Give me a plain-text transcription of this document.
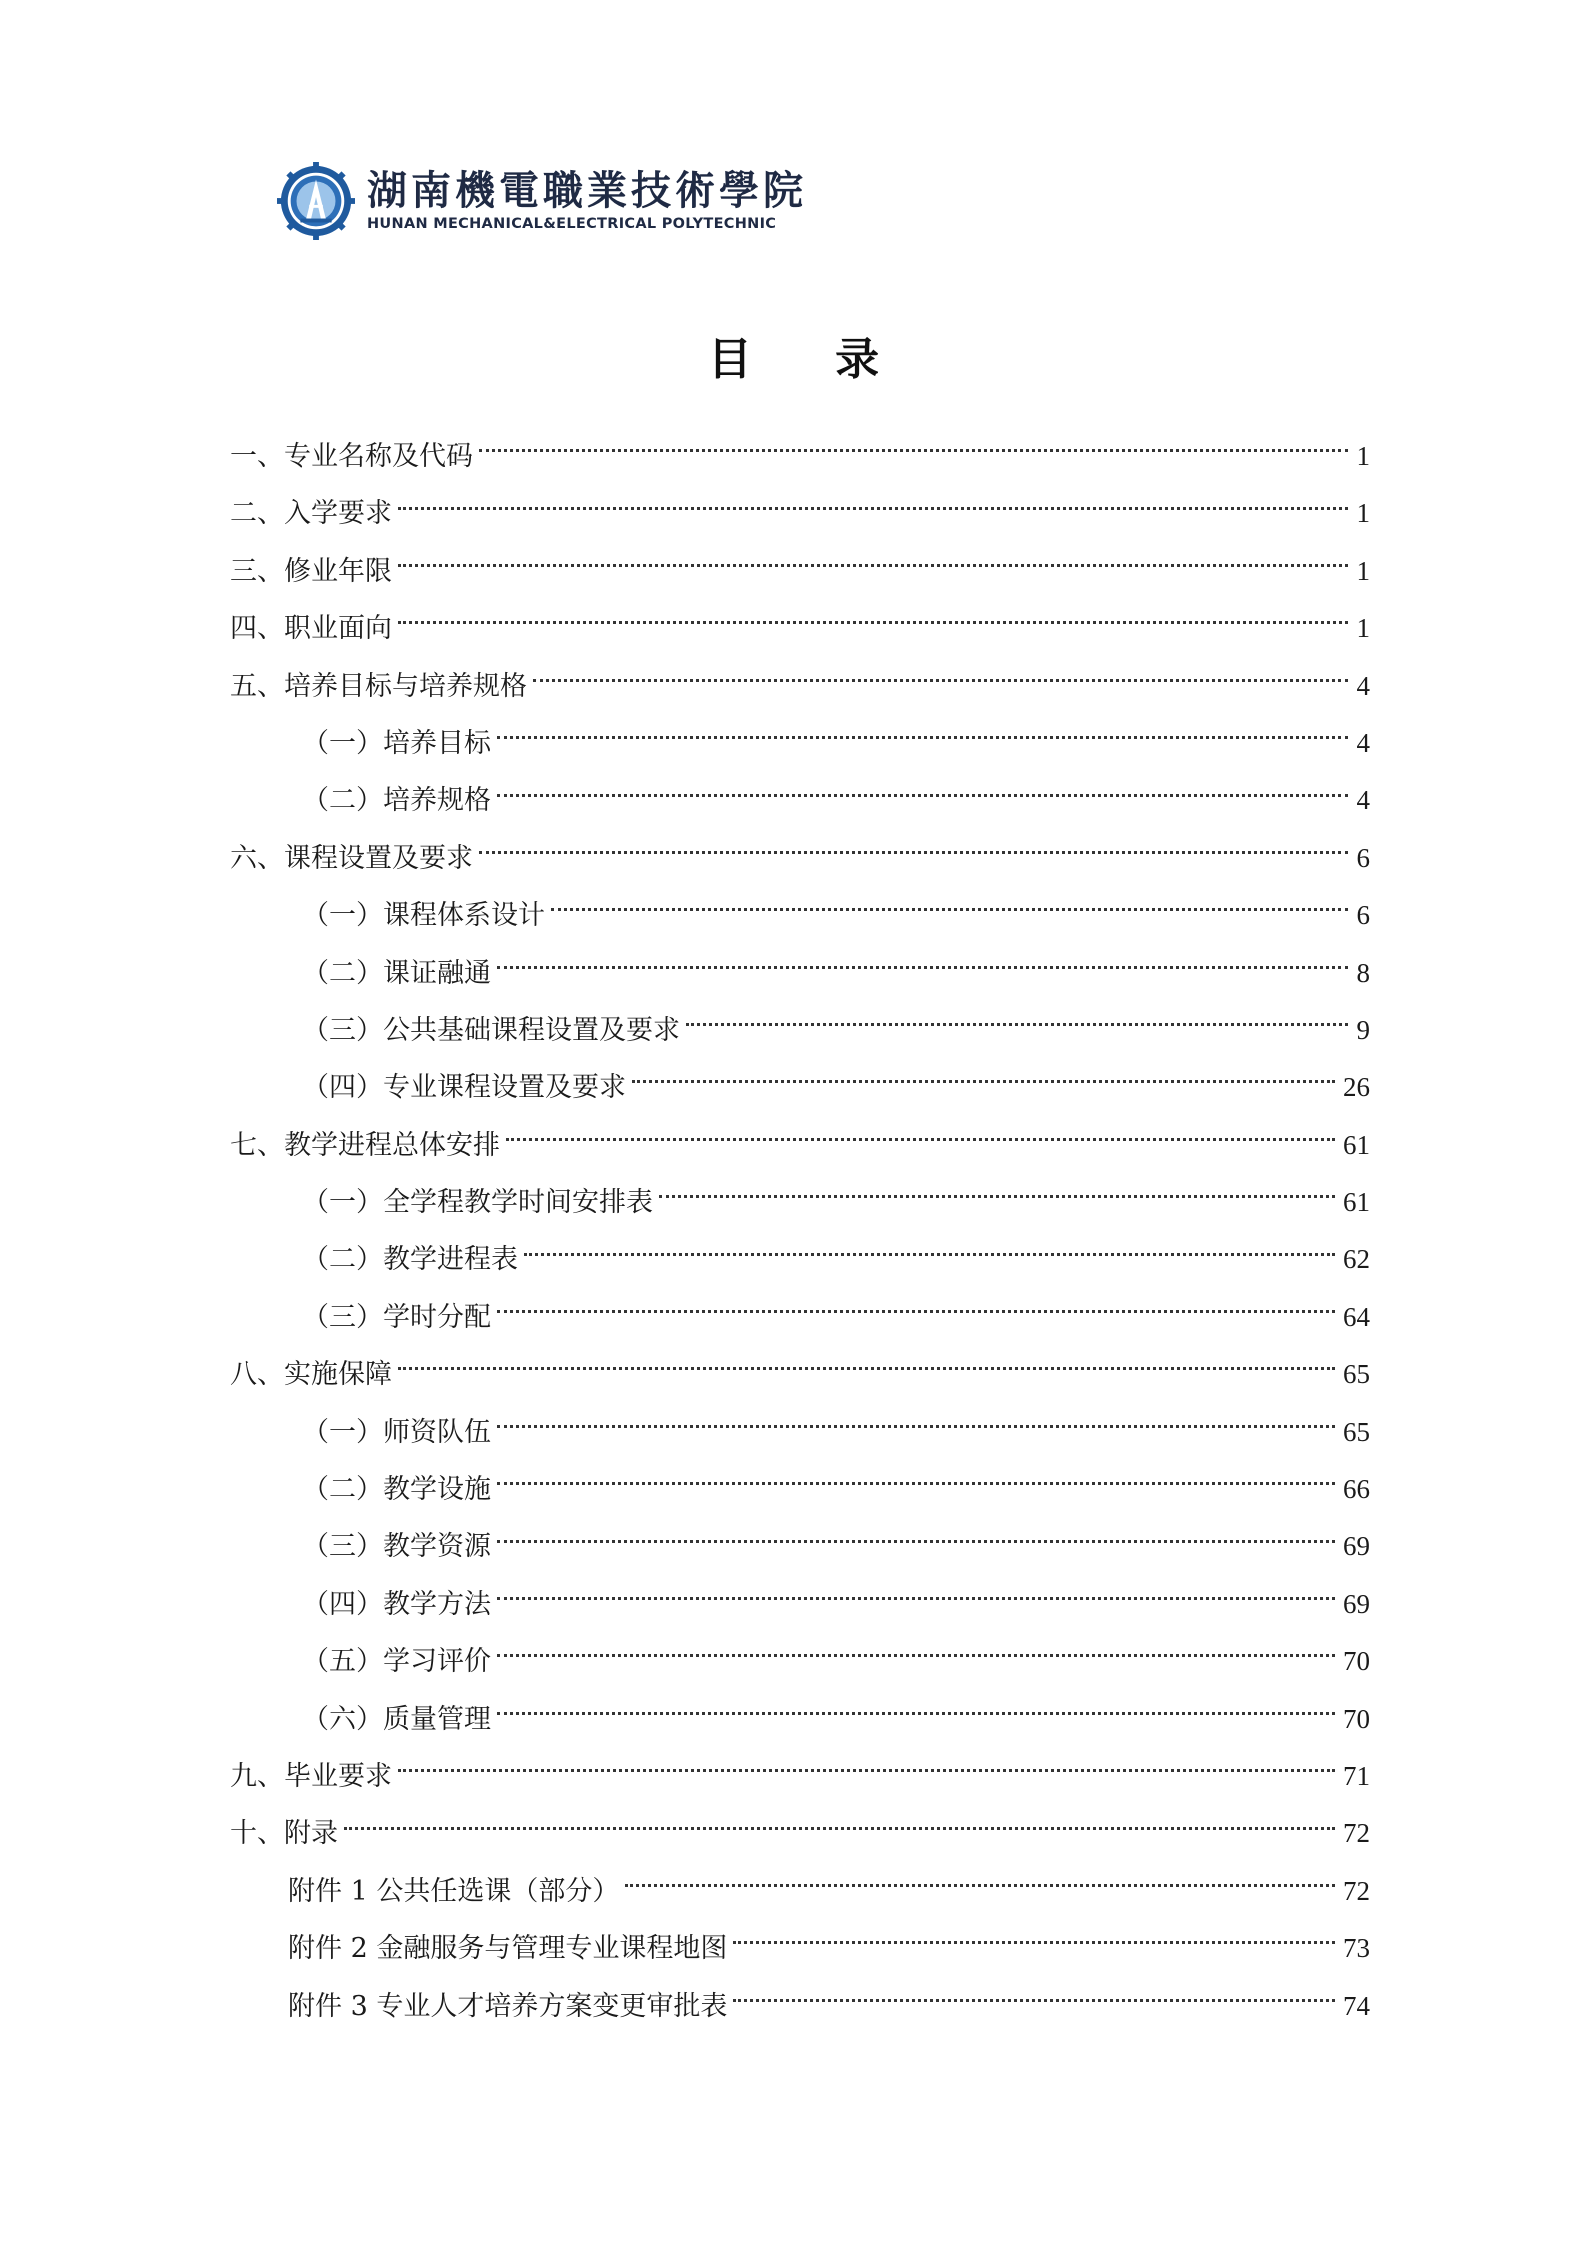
湖南機電職業技術學院
HUNAN MECHANICAL&ELECTRICAL POLYTECHNIC
目 录
一、专业名称及代码	1
二、入学要求	1
三、修业年限	1
四、职业面向	1
五、培养目标与培养规格	4
（一）培养目标	4
（二）培养规格	4
六、课程设置及要求	6
（一）课程体系设计	6
（二）课证融通	8
（三）公共基础课程设置及要求	9
（四）专业课程设置及要求	26
七、教学进程总体安排	61
（一）全学程教学时间安排表	61
（二）教学进程表	62
（三）学时分配	64
八、实施保障	65
（一）师资队伍	65
（二）教学设施	66
（三）教学资源	69
（四）教学方法	69
（五）学习评价	70
（六）质量管理	70
九、毕业要求	71
十、附录	72
附件 1 公共任选课（部分）	72
附件 2 金融服务与管理专业课程地图	73
附件 3 专业人才培养方案变更审批表	74
